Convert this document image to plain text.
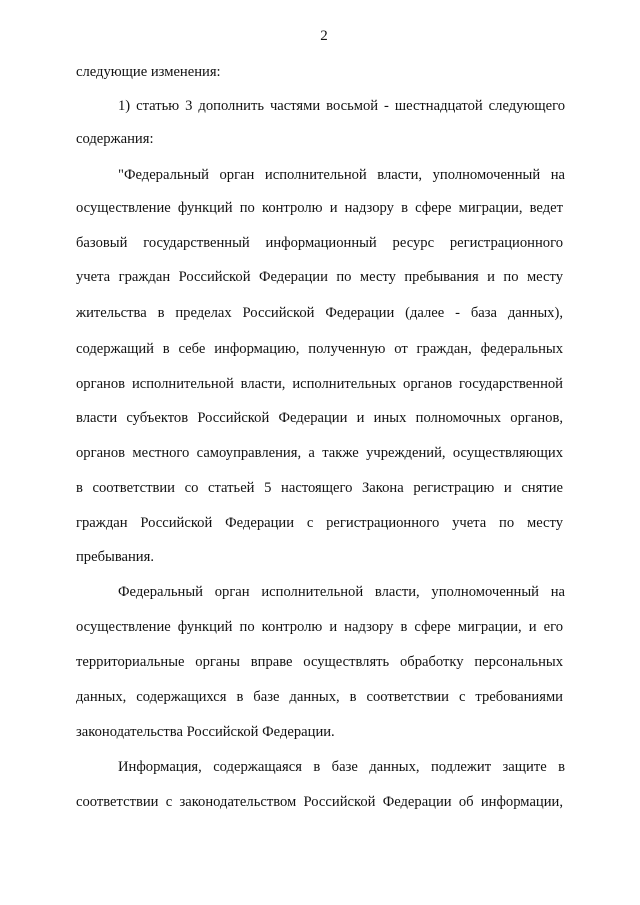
2
следующие изменения:
1) статью 3 дополнить частями восьмой - шестнадцатой следующего
содержания:
"Федеральный орган исполнительной власти, уполномоченный на
осуществление функций по контролю и надзору в сфере миграции, ведет
базовый государственный информационный ресурс регистрационного
учета граждан Российской Федерации по месту пребывания и по месту
жительства в пределах Российской Федерации (далее - база данных),
содержащий в себе информацию, полученную от граждан, федеральных
органов исполнительной власти, исполнительных органов государственной
власти субъектов Российской Федерации и иных полномочных органов,
органов местного самоуправления, а также учреждений, осуществляющих
в соответствии со статьей 5 настоящего Закона регистрацию и снятие
граждан Российской Федерации с регистрационного учета по месту
пребывания.
Федеральный орган исполнительной власти, уполномоченный на
осуществление функций по контролю и надзору в сфере миграции, и его
территориальные органы вправе осуществлять обработку персональных
данных, содержащихся в базе данных, в соответствии с требованиями
законодательства Российской Федерации.
Информация, содержащаяся в базе данных, подлежит защите в
соответствии с законодательством Российской Федерации об информации,
